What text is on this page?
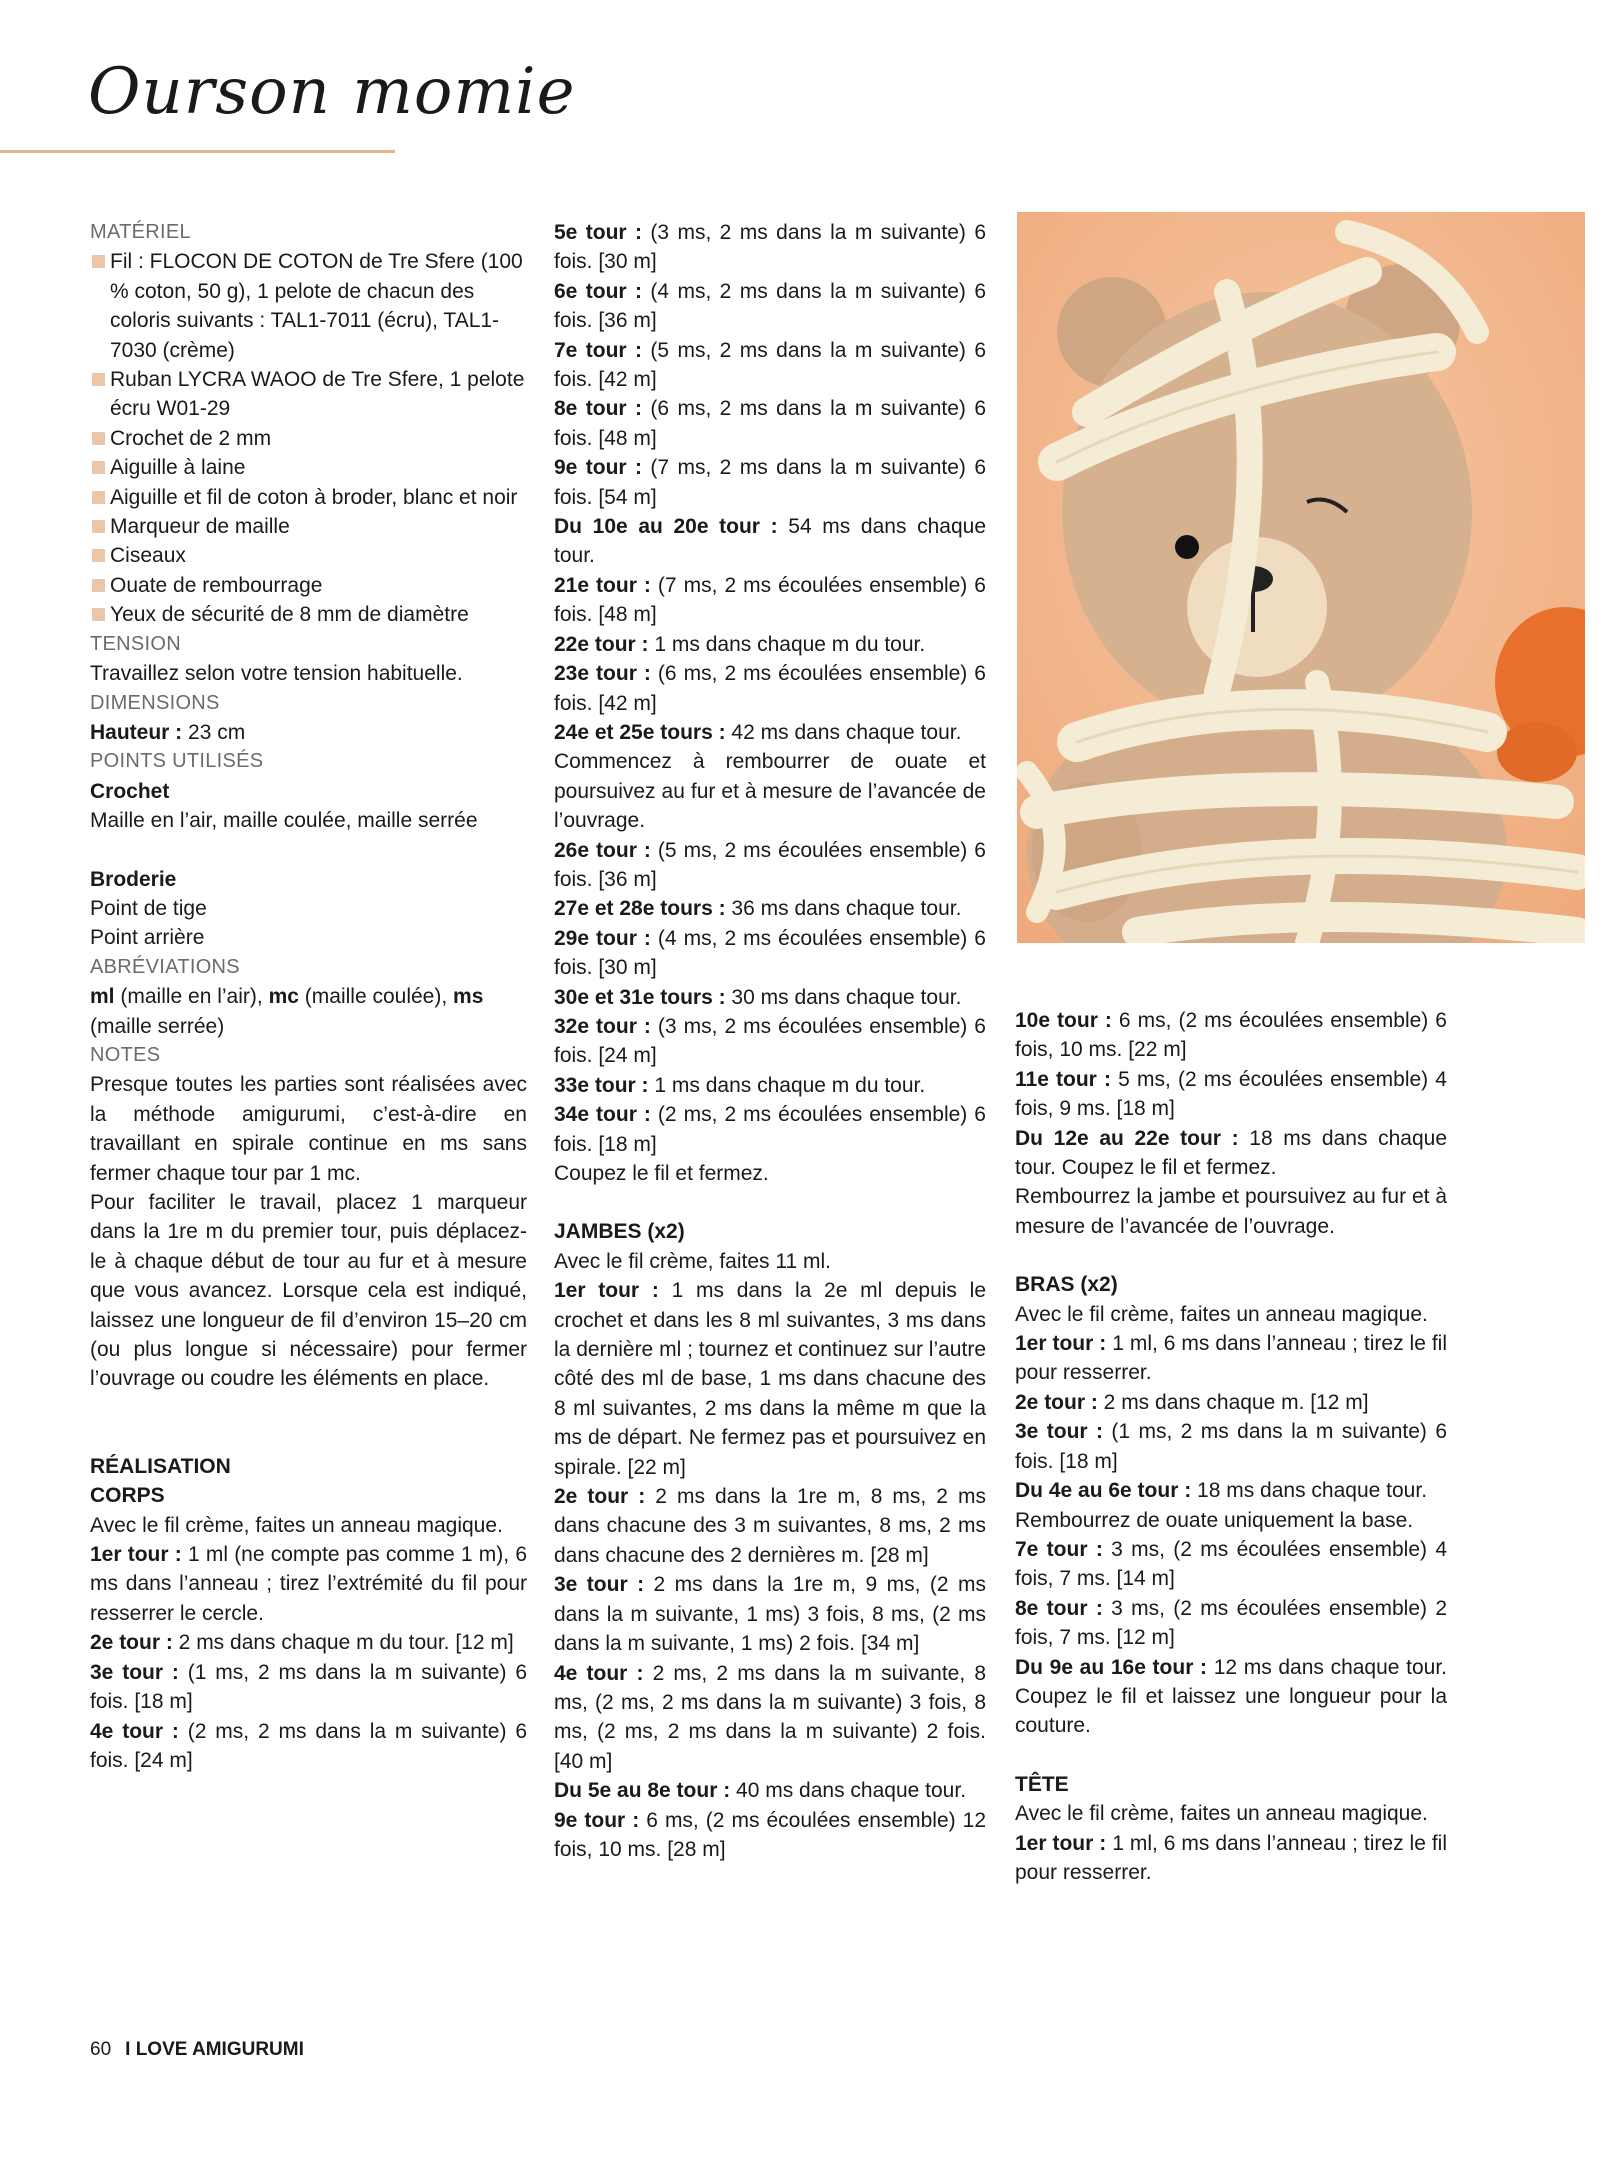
Ourson momie

MATÉRIEL

Fil : FLOCON DE COTON de Tre Sfere (100 % coton, 50 g), 1 pelote de chacun des coloris suivants : TAL1-7011 (écru), TAL1-7030 (crème)

Ruban LYCRA WAOO de Tre Sfere, 1 pelote écru W01-29

Crochet de 2 mm

Aiguille à laine

Aiguille et fil de coton à broder, blanc et noir

Marqueur de maille

Ciseaux

Ouate de rembourrage

Yeux de sécurité de 8 mm de diamètre

TENSION

Travaillez selon votre tension habituelle.

DIMENSIONS

Hauteur : 23 cm

POINTS UTILISÉS

Crochet

Maille en l’air, maille coulée, maille serrée

Broderie

Point de tige

Point arrière

ABRÉVIATIONS

ml (maille en l’air), mc (maille coulée), ms (maille serrée)

NOTES

Presque toutes les parties sont réalisées avec la méthode amigurumi, c’est-à-dire en travaillant en spirale continue en ms sans fermer chaque tour par 1 mc.

Pour faciliter le travail, placez 1 marqueur dans la 1re m du premier tour, puis déplacez-le à chaque début de tour au fur et à mesure que vous avancez. Lorsque cela est indiqué, laissez une longueur de fil d’environ 15–20 cm (ou plus longue si nécessaire) pour fermer l’ouvrage ou coudre les éléments en place.

RÉALISATION

CORPS

Avec le fil crème, faites un anneau magique.

1er tour : 1 ml (ne compte pas comme 1 m), 6 ms dans l’anneau ; tirez l’extrémité du fil pour resserrer le cercle.

2e tour : 2 ms dans chaque m du tour. [12 m]

3e tour : (1 ms, 2 ms dans la m suivante) 6 fois. [18 m]

4e tour : (2 ms, 2 ms dans la m suivante) 6 fois. [24 m]

5e tour : (3 ms, 2 ms dans la m suivante) 6 fois. [30 m]

6e tour : (4 ms, 2 ms dans la m suivante) 6 fois. [36 m]

7e tour : (5 ms, 2 ms dans la m suivante) 6 fois. [42 m]

8e tour : (6 ms, 2 ms dans la m suivante) 6 fois. [48 m]

9e tour : (7 ms, 2 ms dans la m suivante) 6 fois. [54 m]

Du 10e au 20e tour : 54 ms dans chaque tour.

21e tour : (7 ms, 2 ms écoulées ensemble) 6 fois. [48 m]

22e tour : 1 ms dans chaque m du tour.

23e tour : (6 ms, 2 ms écoulées ensemble) 6 fois. [42 m]

24e et 25e tours : 42 ms dans chaque tour.

Commencez à rembourrer de ouate et poursuivez au fur et à mesure de l’avancée de l’ouvrage.

26e tour : (5 ms, 2 ms écoulées ensemble) 6 fois. [36 m]

27e et 28e tours : 36 ms dans chaque tour.

29e tour : (4 ms, 2 ms écoulées ensemble) 6 fois. [30 m]

30e et 31e tours : 30 ms dans chaque tour.

32e tour : (3 ms, 2 ms écoulées ensemble) 6 fois. [24 m]

33e tour : 1 ms dans chaque m du tour.

34e tour : (2 ms, 2 ms écoulées ensemble) 6 fois. [18 m]

Coupez le fil et fermez.

JAMBES (x2)

Avec le fil crème, faites 11 ml.

1er tour : 1 ms dans la 2e ml depuis le crochet et dans les 8 ml suivantes, 3 ms dans la dernière ml ; tournez et continuez sur l’autre côté des ml de base, 1 ms dans chacune des 8 ml suivantes, 2 ms dans la même m que la ms de départ. Ne fermez pas et poursuivez en spirale. [22 m]

2e tour : 2 ms dans la 1re m, 8 ms, 2 ms dans chacune des 3 m suivantes, 8 ms, 2 ms dans chacune des 2 dernières m. [28 m]

3e tour : 2 ms dans la 1re m, 9 ms, (2 ms dans la m suivante, 1 ms) 3 fois, 8 ms, (2 ms dans la m suivante, 1 ms) 2 fois. [34 m]

4e tour : 2 ms, 2 ms dans la m suivante, 8 ms, (2 ms, 2 ms dans la m suivante) 3 fois, 8 ms, (2 ms, 2 ms dans la m suivante) 2 fois. [40 m]

Du 5e au 8e tour : 40 ms dans chaque tour.

9e tour : 6 ms, (2 ms écoulées ensemble) 12 fois, 10 ms. [28 m]

10e tour : 6 ms, (2 ms écoulées ensemble) 6 fois, 10 ms. [22 m]

11e tour : 5 ms, (2 ms écoulées ensemble) 4 fois, 9 ms. [18 m]

Du 12e au 22e tour : 18 ms dans chaque tour. Coupez le fil et fermez.

Rembourrez la jambe et poursuivez au fur et à mesure de l’avancée de l’ouvrage.

BRAS (x2)

Avec le fil crème, faites un anneau magique.

1er tour : 1 ml, 6 ms dans l’anneau ; tirez le fil pour resserrer.

2e tour : 2 ms dans chaque m. [12 m]

3e tour : (1 ms, 2 ms dans la m suivante) 6 fois. [18 m]

Du 4e au 6e tour : 18 ms dans chaque tour.

Rembourrez de ouate uniquement la base.

7e tour : 3 ms, (2 ms écoulées ensemble) 4 fois, 7 ms. [14 m]

8e tour : 3 ms, (2 ms écoulées ensemble) 2 fois, 7 ms. [12 m]

Du 9e au 16e tour : 12 ms dans chaque tour. Coupez le fil et laissez une longueur pour la couture.

TÊTE

Avec le fil crème, faites un anneau magique.

1er tour : 1 ml, 6 ms dans l’anneau ; tirez le fil pour resserrer.

60 I LOVE AMIGURUMI
